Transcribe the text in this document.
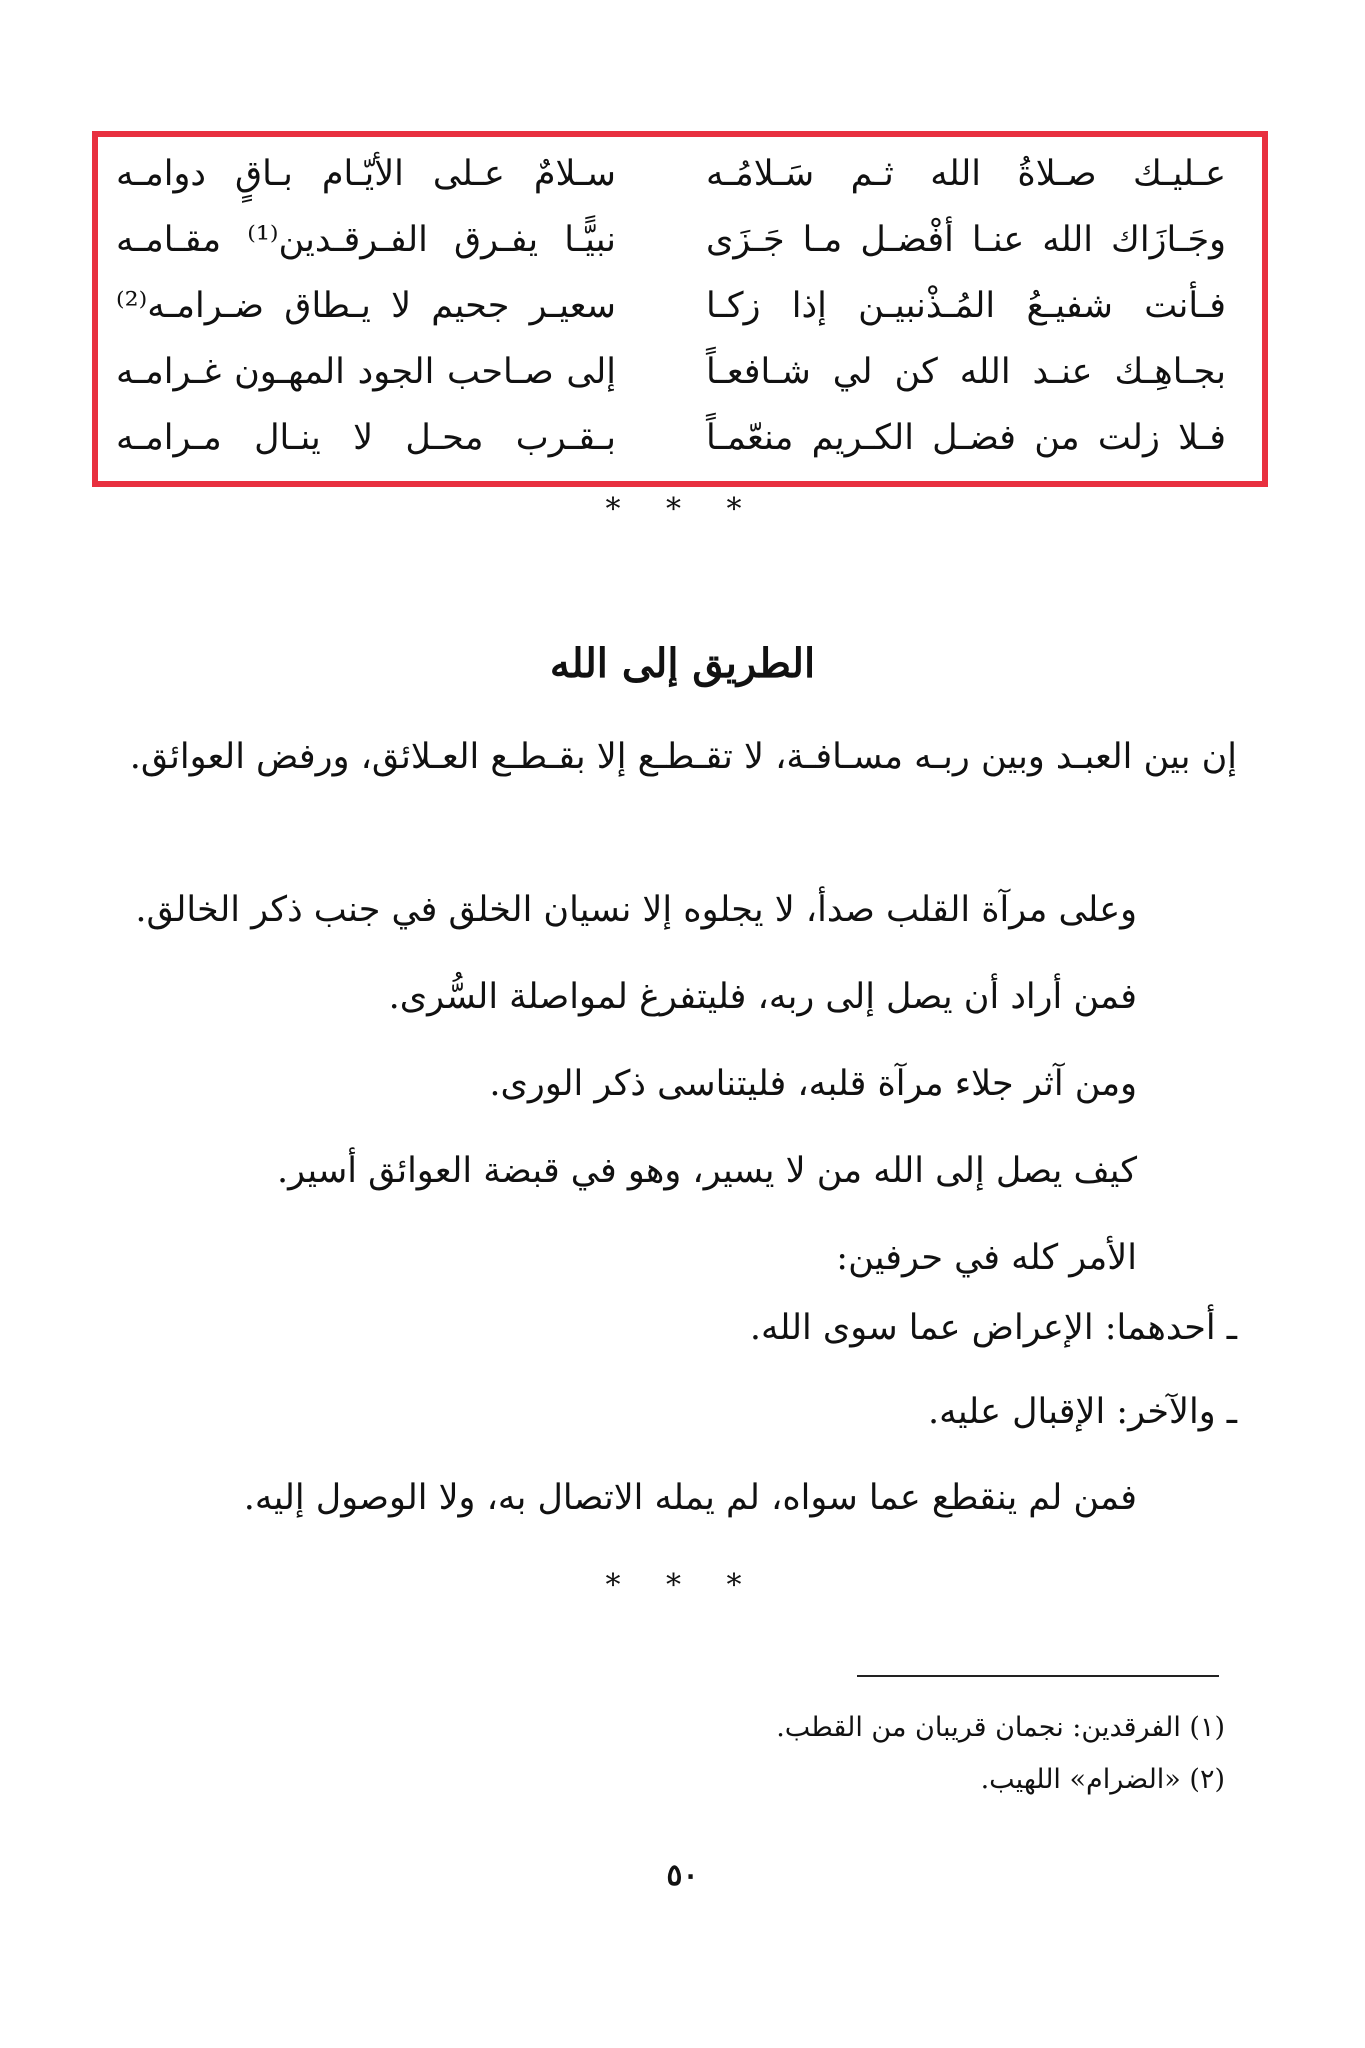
عـليـك صـلاةُ الله ثـم سَـلامُـه
سـلامٌ عـلى الأيّـام بـاقٍ دوامـه
وجَـازَاك الله عنـا أفْضـل مـا جَـزَى
نبيًّـا يفـرق الفـرقـدين⁽¹⁾ مقـامـه
فـأنت شفيـعُ المُـذْنبيـن إذا زكـا
سعيـر جحيم لا يـطاق ضـرامـه⁽²⁾
بجـاهِـك عنـد الله كن لي شـافعـاً
إلى صـاحب الجود المهـون غـرامـه
فـلا زلت من فضـل الكـريم منعّمـاً
بـقـرب محـل لا ينـال مـرامـه
* * *
الطريق إلى الله
إن بين العبـد وبين ربـه مسـافـة، لا تقـطـع إلا بقـطـع العـلائق، ورفض العوائق.
وعلى مرآة القلب صدأ، لا يجلوه إلا نسيان الخلق في جنب ذكر الخالق.
فمن أراد أن يصل إلى ربه، فليتفرغ لمواصلة السُّرى.
ومن آثر جلاء مرآة قلبه، فليتناسى ذكر الورى.
كيف يصل إلى الله من لا يسير، وهو في قبضة العوائق أسير.
الأمر كله في حرفين:
ـ أحدهما: الإعراض عما سوى الله.
ـ والآخر: الإقبال عليه.
فمن لم ينقطع عما سواه، لم يمله الاتصال به، ولا الوصول إليه.
* * *
(١) الفرقدين: نجمان قريبان من القطب.
(٢) «الضرام» اللهيب.
٥٠
